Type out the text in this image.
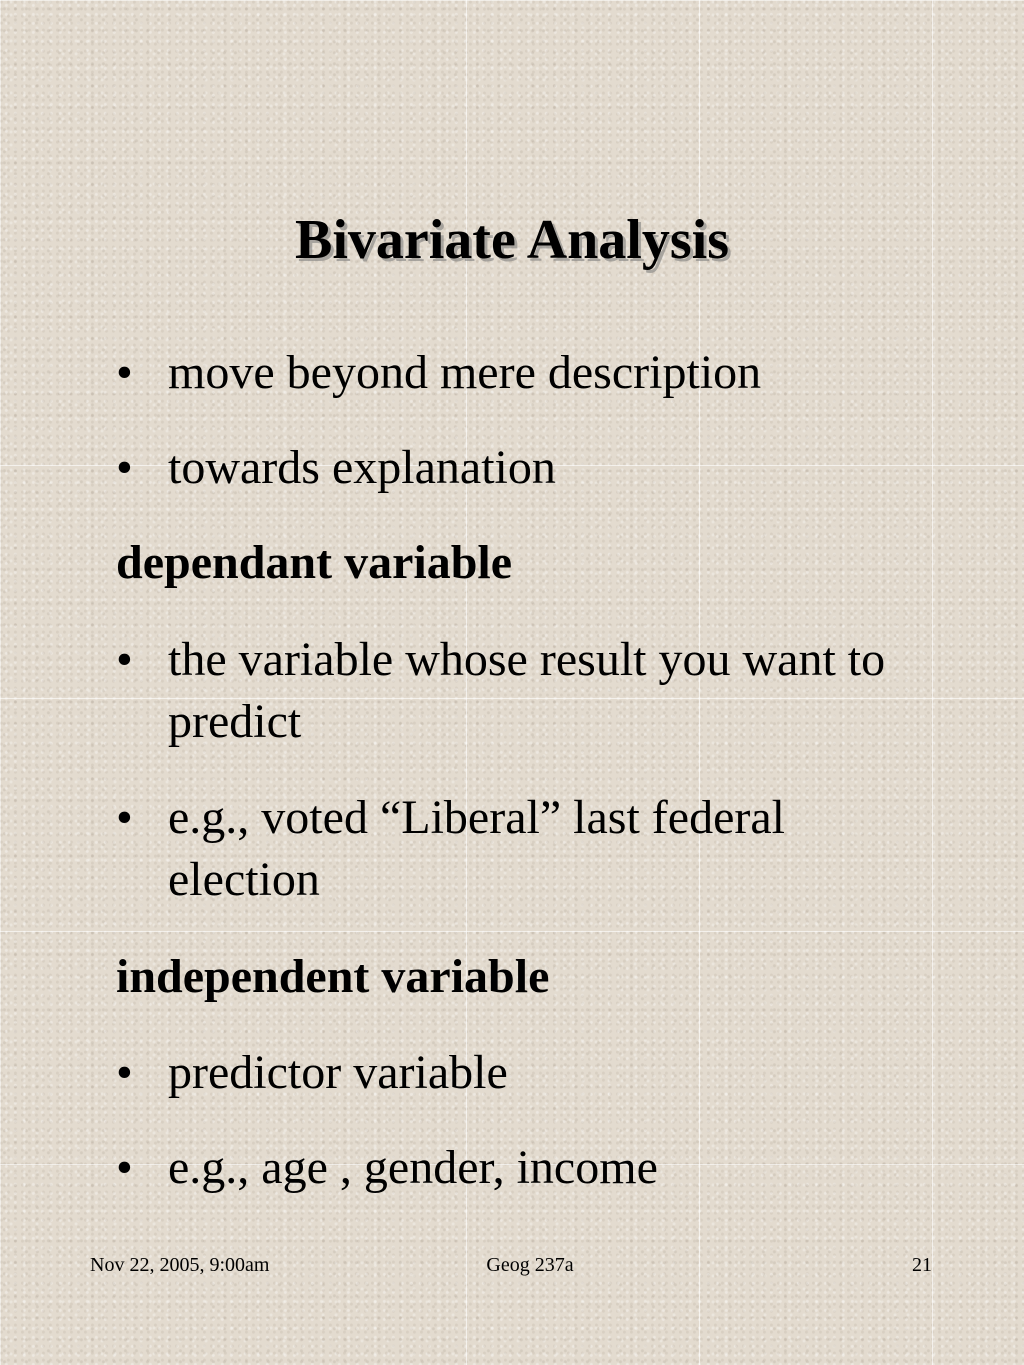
Bivariate Analysis
• move beyond mere description
• towards explanation
dependant variable
• the variable whose result you want to predict
• e.g., voted “Liberal” last federal election
independent variable
• predictor variable
• e.g., age , gender, income
Nov 22, 2005, 9:00am	Geog 237a	21
